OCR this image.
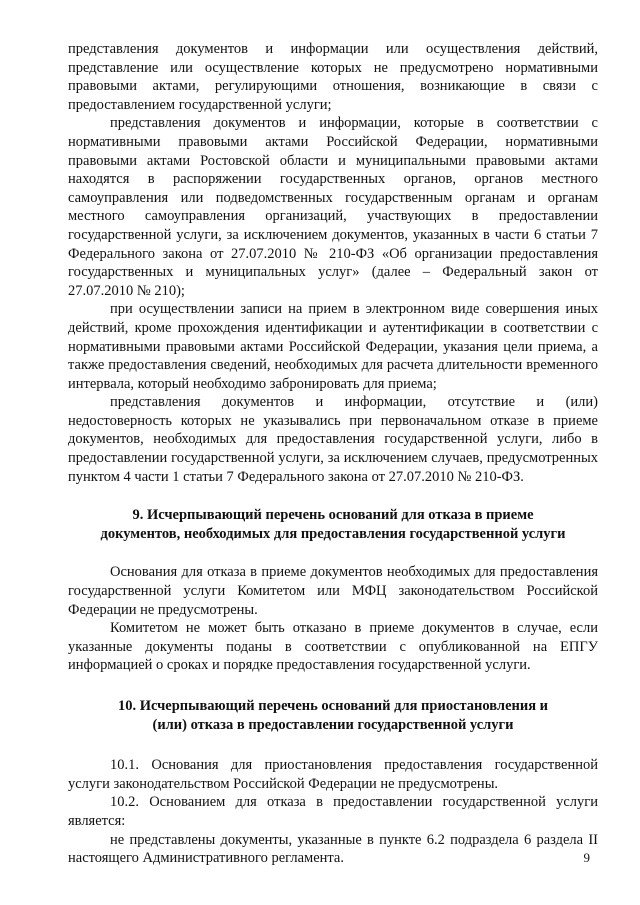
представления документов и информации или осуществления действий, представление или осуществление которых не предусмотрено нормативными правовыми актами, регулирующими отношения, возникающие в связи с предоставлением государственной услуги;

представления документов и информации, которые в соответствии с нормативными правовыми актами Российской Федерации, нормативными правовыми актами Ростовской области и муниципальными правовыми актами находятся в распоряжении государственных органов, органов местного самоуправления или подведомственных государственным органам и органам местного самоуправления организаций, участвующих в предоставлении государственной услуги, за исключением документов, указанных в части 6 статьи 7 Федерального закона от 27.07.2010 № 210-ФЗ «Об организации предоставления государственных и муниципальных услуг» (далее – Федеральный закон от 27.07.2010 № 210);

при осуществлении записи на прием в электронном виде совершения иных действий, кроме прохождения идентификации и аутентификации в соответствии с нормативными правовыми актами Российской Федерации, указания цели приема, а также предоставления сведений, необходимых для расчета длительности временного интервала, который необходимо забронировать для приема;

представления документов и информации, отсутствие и (или) недостоверность которых не указывались при первоначальном отказе в приеме документов, необходимых для предоставления государственной услуги, либо в предоставлении государственной услуги, за исключением случаев, предусмотренных пунктом 4 части 1 статьи 7 Федерального закона от 27.07.2010 № 210-ФЗ.

9. Исчерпывающий перечень оснований для отказа в приеме
документов, необходимых для предоставления государственной услуги

Основания для отказа в приеме документов необходимых для предоставления государственной услуги Комитетом или МФЦ законодательством Российской Федерации не предусмотрены.

Комитетом не может быть отказано в приеме документов в случае, если указанные документы поданы в соответствии с опубликованной на ЕПГУ информацией о сроках и порядке предоставления государственной услуги.

10. Исчерпывающий перечень оснований для приостановления и
(или) отказа в предоставлении государственной услуги

10.1. Основания для приостановления предоставления государственной услуги законодательством Российской Федерации не предусмотрены.

10.2. Основанием для отказа в предоставлении государственной услуги является:

не представлены документы, указанные в пункте 6.2 подраздела 6 раздела II настоящего Административного регламента.	9
